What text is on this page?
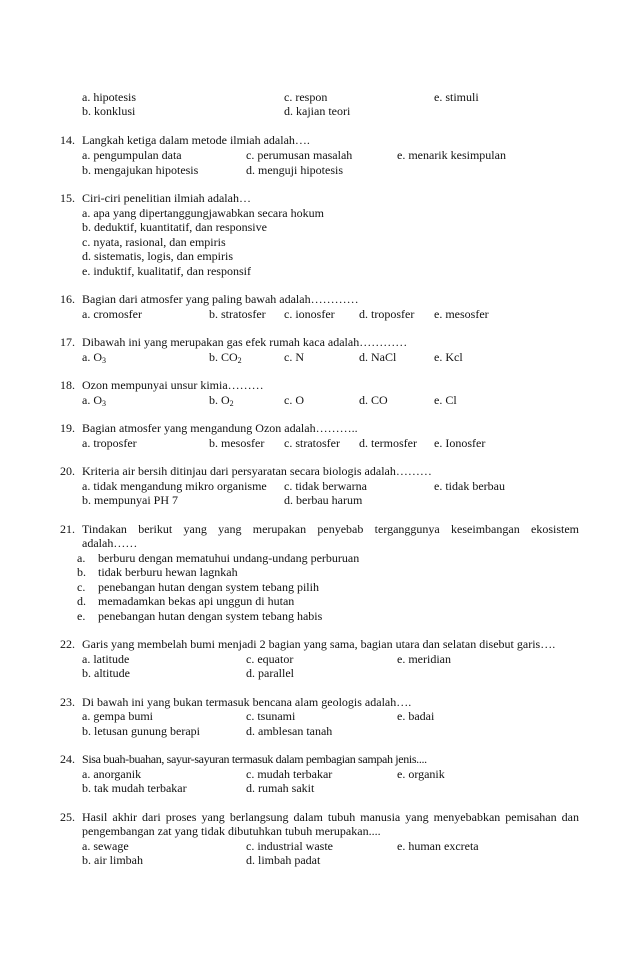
a. hipotesis	c. respon	e. stimuli
b. konklusi	d. kajian teori
14. Langkah ketiga dalam metode ilmiah adalah….
a. pengumpulan data	c. perumusan masalah	e. menarik kesimpulan
b. mengajukan hipotesis	d. menguji hipotesis
15. Ciri-ciri penelitian ilmiah adalah…
a. apa yang dipertanggungjawabkan secara hokum
b. deduktif, kuantitatif, dan responsive
c. nyata, rasional, dan empiris
d. sistematis, logis, dan empiris
e. induktif, kualitatif, dan responsif
16. Bagian dari atmosfer yang paling bawah adalah…………
a. cromosfer	b. stratosfer c. ionosfer d. troposfer e. mesosfer
17. Dibawah ini yang merupakan gas efek rumah kaca adalah…………
a. $O_3$	b. $CO_2$	c. N	d. NaCl	e. Kcl
18. Ozon mempunyai unsur kimia………
a. $O_3$	b. $O_2$	c. O	d. CO	e. Cl
19. Bagian atmosfer yang mengandung Ozon adalah………..
a. troposfer	b. mesosfer c. stratosfer d. termosfer e. Ionosfer
20. Kriteria air bersih ditinjau dari persyaratan secara biologis adalah………
a. tidak mengandung mikro organisme c. tidak berwarna	e. tidak berbau
b. mempunyai PH 7	d. berbau harum
21. Tindakan berikut yang yang merupakan penyebab terganggunya keseimbangan ekosistem
adalah……
a. berburu dengan mematuhui undang-undang perburuan
b. tidak berburu hewan lagnkah
c. penebangan hutan dengan system tebang pilih
d. memadamkan bekas api unggun di hutan
e. penebangan hutan dengan system tebang habis
22. Garis yang membelah bumi menjadi 2 bagian yang sama, bagian utara dan selatan disebut garis….
a. latitude	c. equator	e. meridian
b. altitude	d. parallel
23. Di bawah ini yang bukan termasuk bencana alam geologis adalah….
a. gempa bumi	c. tsunami	e. badai
b. letusan gunung berapi	d. amblesan tanah
24. Sisa buah-buahan, sayur-sayuran termasuk dalam pembagian sampah jenis....
a. anorganik	c. mudah terbakar	e. organik
b. tak mudah terbakar	d. rumah sakit
25. Hasil akhir dari proses yang berlangsung dalam tubuh manusia yang menyebabkan pemisahan dan
pengembangan zat yang tidak dibutuhkan tubuh merupakan....
a. sewage	c. industrial waste	e. human excreta
b. air limbah	d. limbah padat
